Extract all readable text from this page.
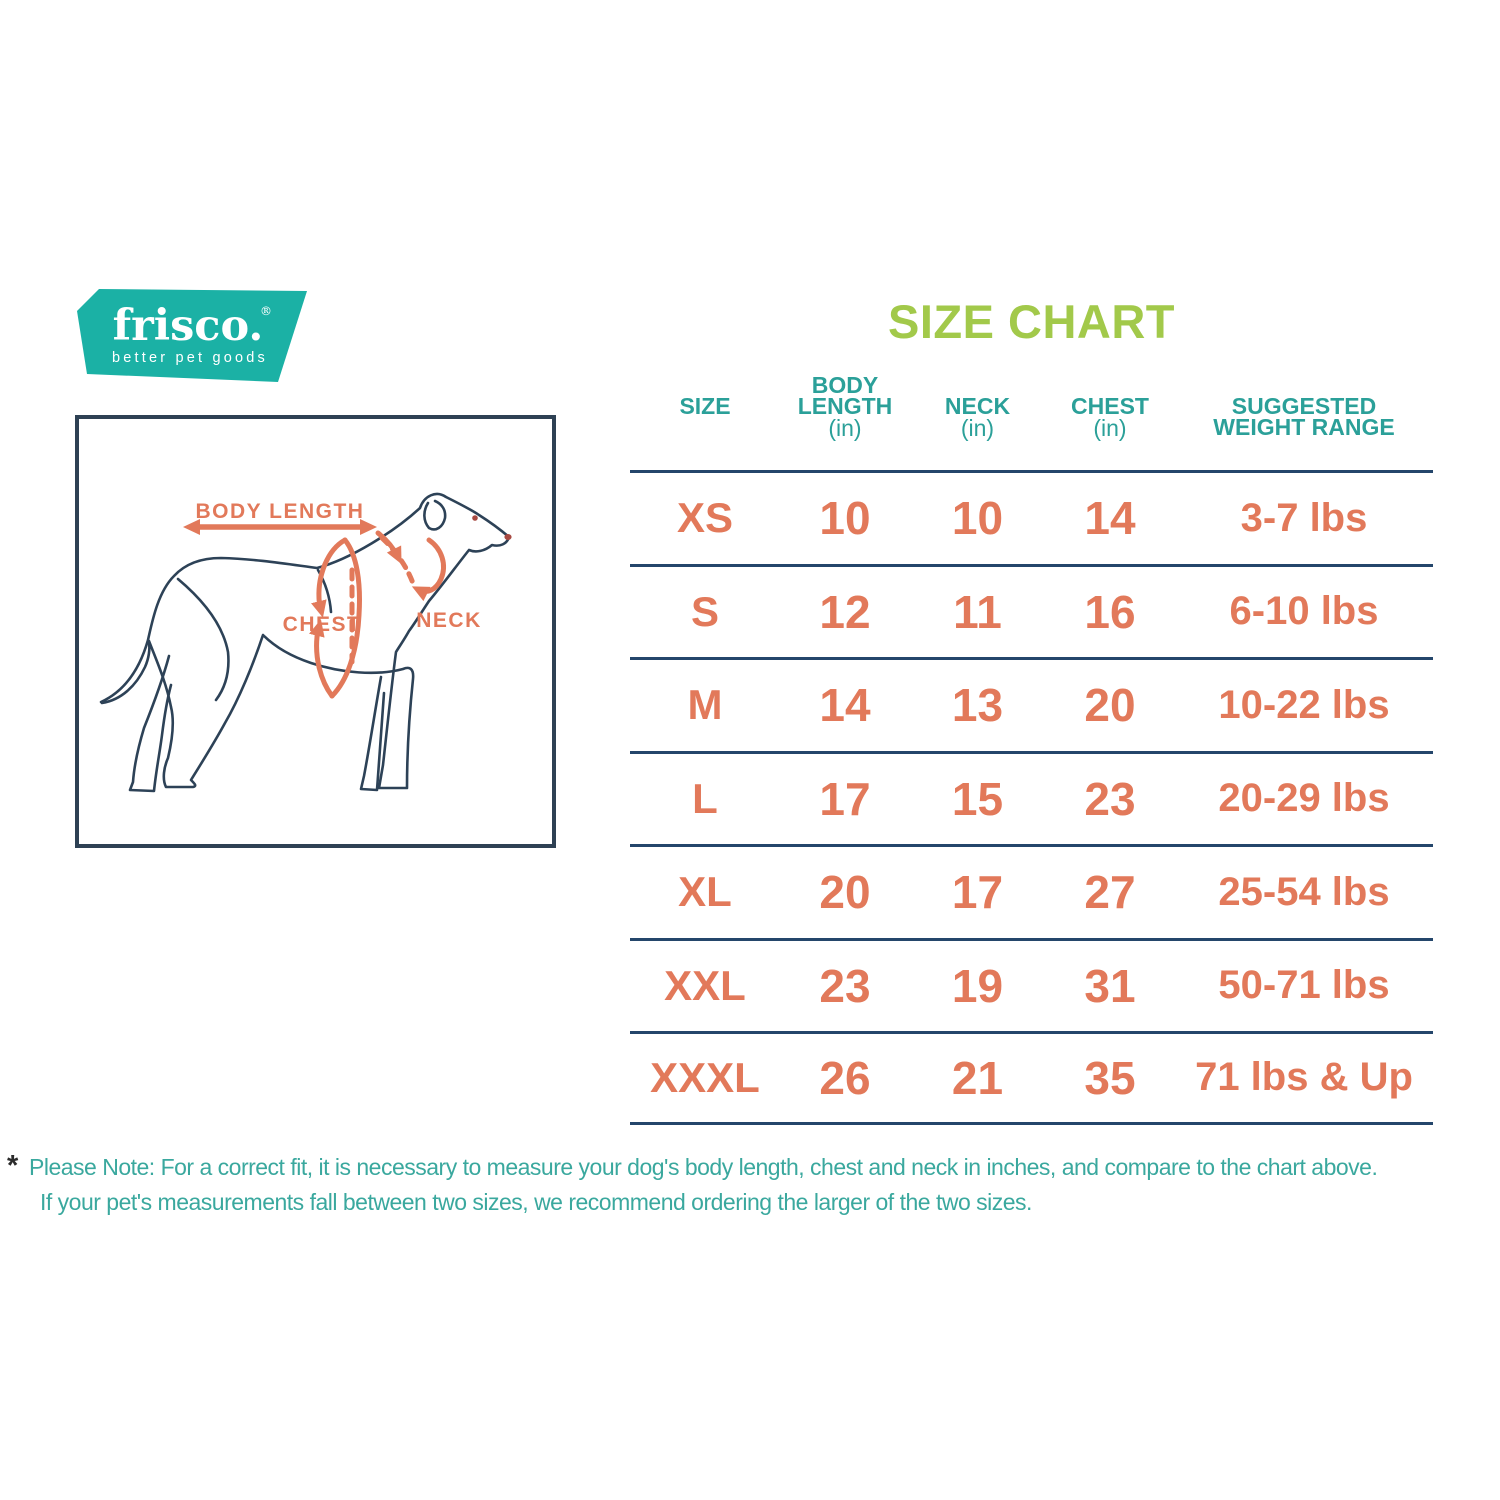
frisco.
®
better pet goods
BODY LENGTH
CHEST	NECK
SIZE CHART
SIZE
BODY LENGTH
(in)
NECK
(in)
CHEST
(in)
SUGGESTED WEIGHT RANGE
XS	10	10	14	3-7 lbs
S	12	11	16	6-10 lbs
M	14	13	20	10-22 lbs
L	17	15	23	20-29 lbs
XL	20	17	27	25-54 lbs
XXL	23	19	31	50-71 lbs
XXXL	26	21	35	71 lbs & Up
* Please Note: For a correct fit, it is necessary to measure your dog's body length, chest and neck in inches, and compare to the chart above.
If your pet's measurements fall between two sizes, we recommend ordering the larger of the two sizes.
